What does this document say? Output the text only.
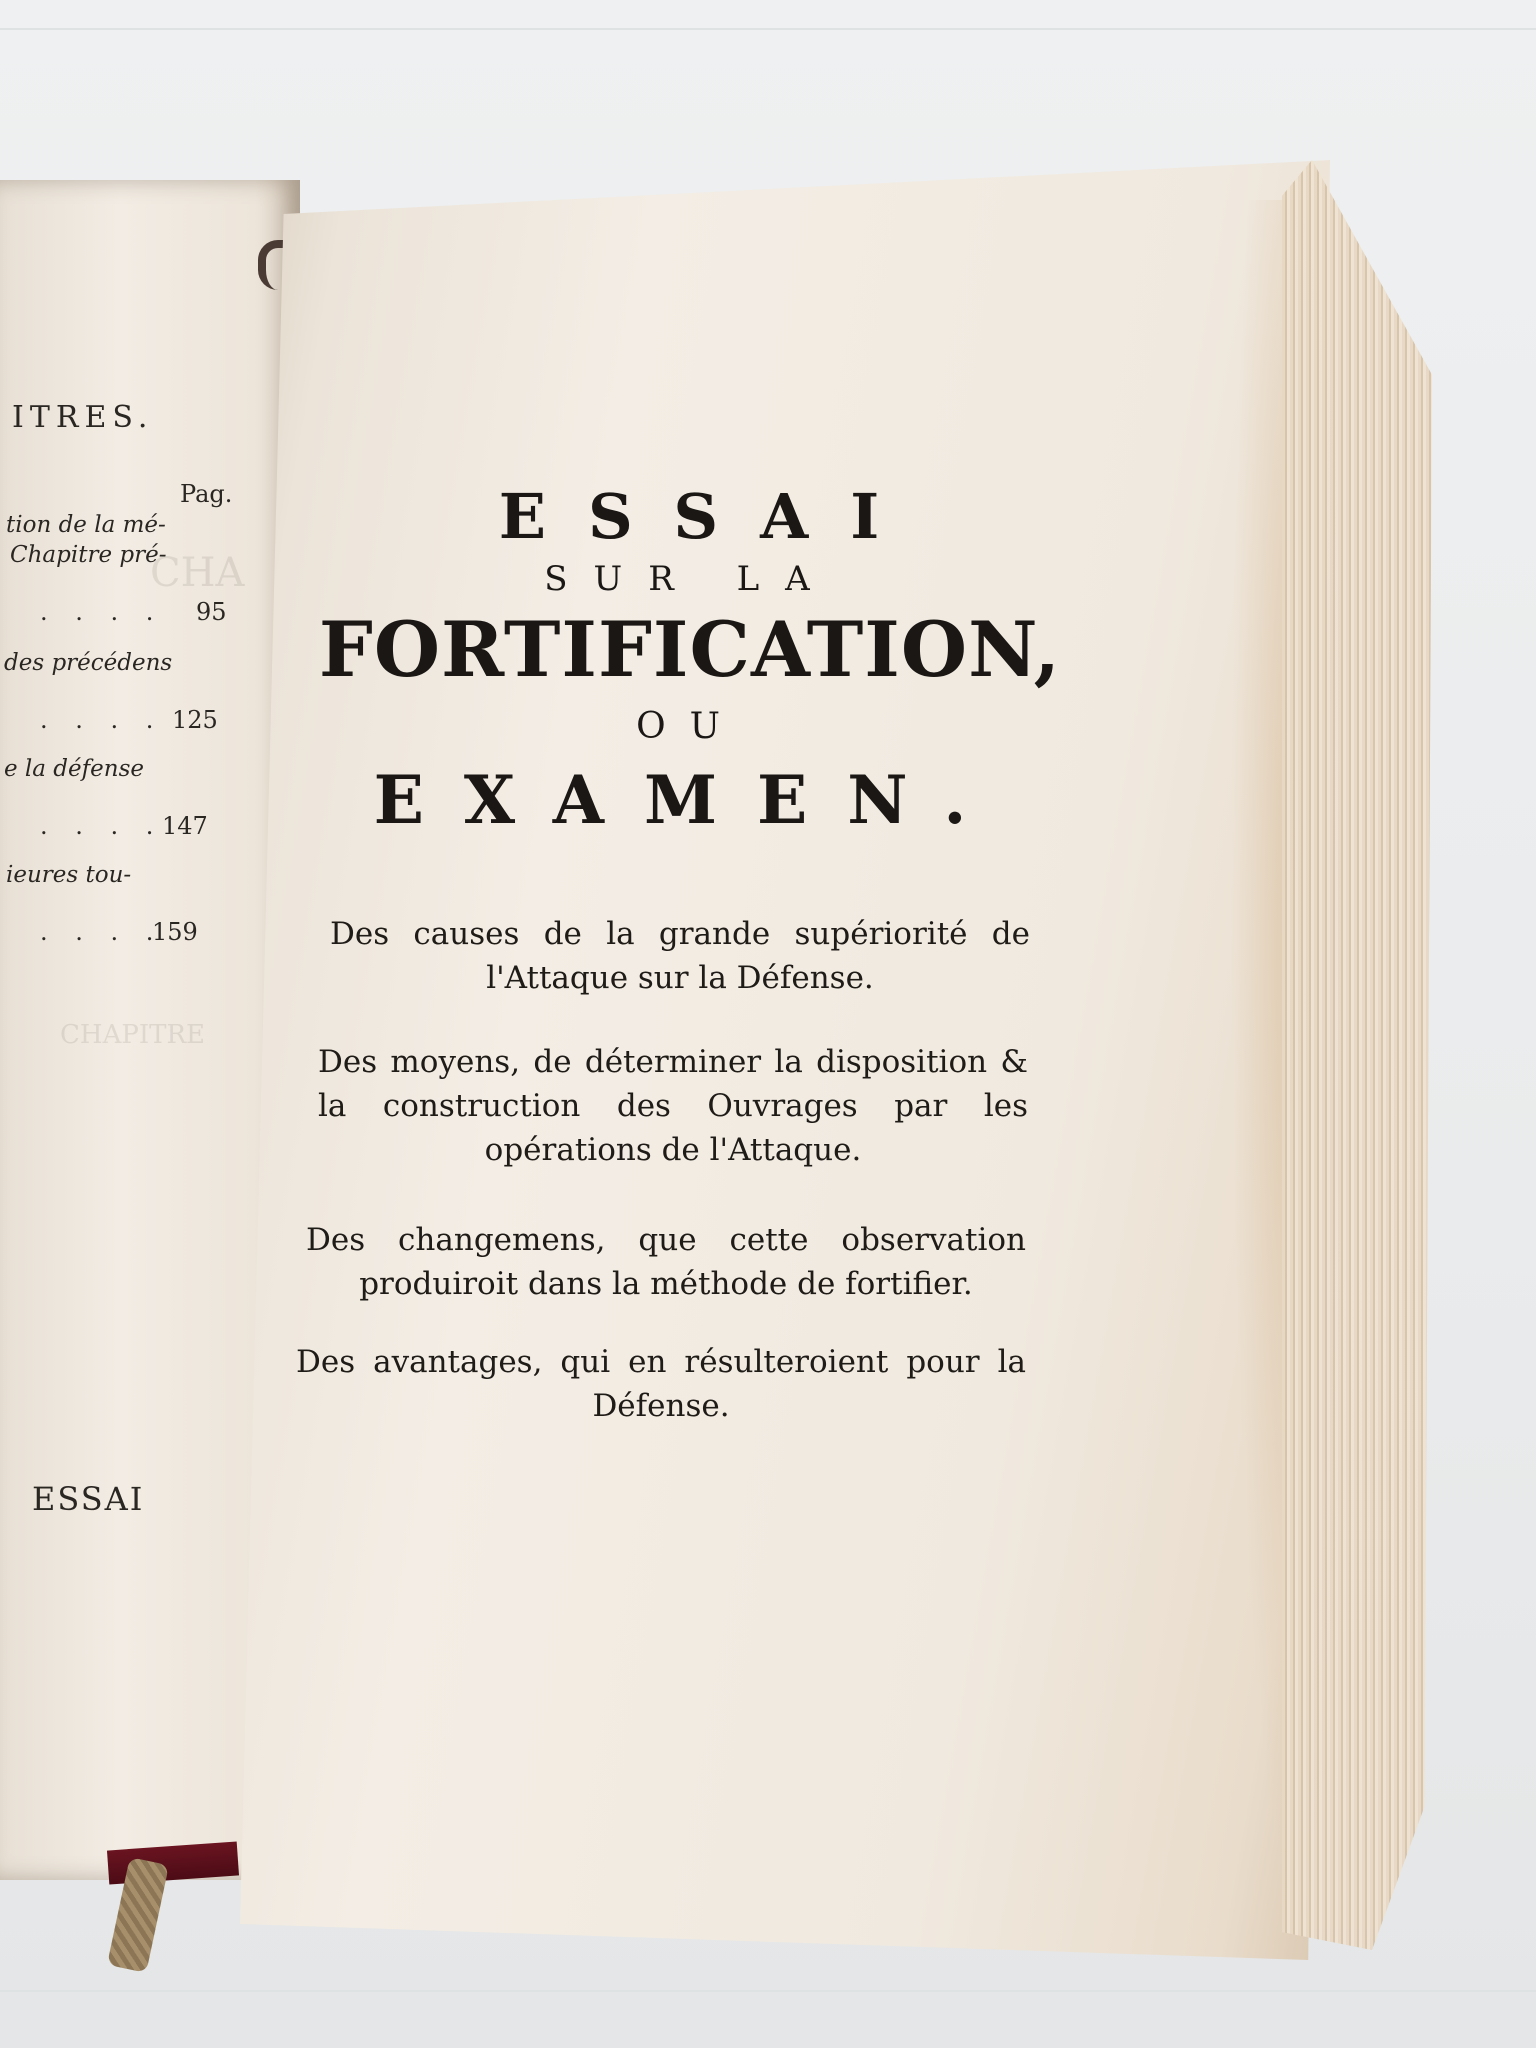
CHA
CHAPITRE
ITRES.
Pag.
tion de la mé-
Chapitre pré-
95
. . . .
des précédens
. . . . 125
e la défense
. . . .
147
ieures tou-
. . . .
159
ESSAI
ESSAI
SUR LA
FORTIFICATION,
OU
EXAMEN.
Des causes de la grande supériorité de l'Attaque sur la Défense.
Des moyens, de déterminer la disposition & la construction des Ouvrages par les opérations de l'Attaque.
Des changemens, que cette observation produiroit dans la méthode de fortifier.
Des avantages, qui en résulteroient pour la Défense.
